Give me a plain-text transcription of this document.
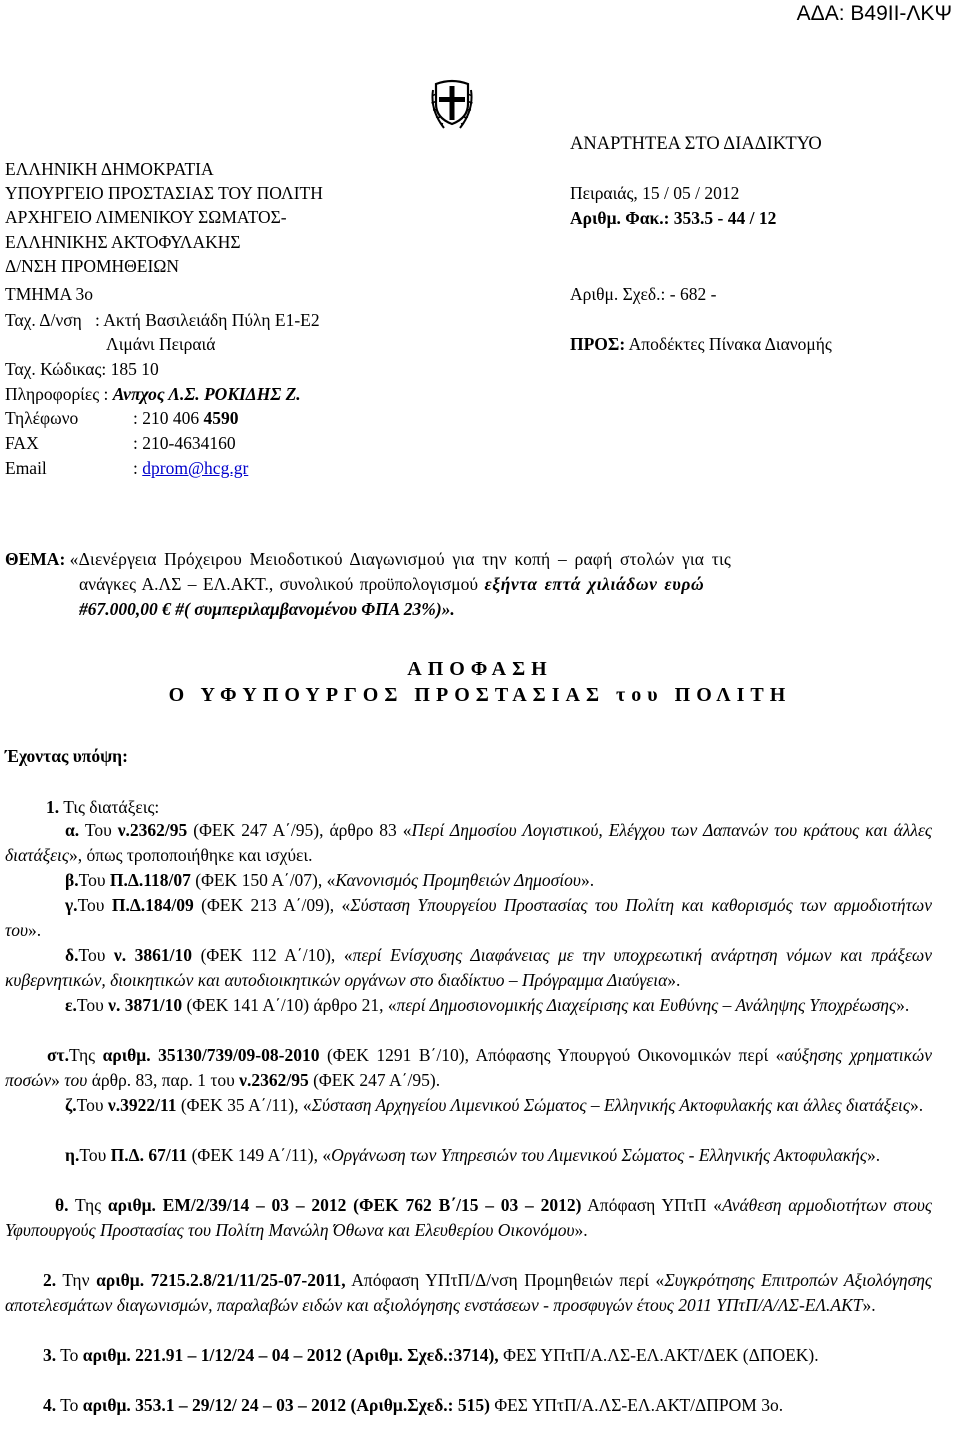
ΑΔΑ: Β49ΙΙ-ΛΚΨ
ΕΛΛΗΝΙΚΗ ΔΗΜΟΚΡΑΤΙΑ
ΥΠΟΥΡΓΕΙΟ ΠΡΟΣΤΑΣΙΑΣ ΤΟΥ ΠΟΛΙΤΗ
ΑΡΧΗΓΕΙΟ ΛΙΜΕΝΙΚΟΥ ΣΩΜΑΤΟΣ-
ΕΛΛΗΝΙΚΗΣ ΑΚΤΟΦΥΛΑΚΗΣ
Δ/ΝΣΗ ΠΡΟΜΗΘΕΙΩΝ
ΤΜΗΜΑ 3ο
Ταχ. Δ/νση : Ακτή Βασιλειάδη Πύλη Ε1-Ε2
Λιμάνι Πειραιά
Ταχ. Κώδικας: 185 10
Πληροφορίες : Ανπχος Λ.Σ. ΡΟΚΙΔΗΣ Ζ.
Τηλέφωνο	: 210 406 4590
FAX	: 210-4634160
Email	: dprom@hcg.gr
ΑΝΑΡΤΗΤΕΑ ΣΤΟ ΔΙΑΔΙΚΤΥΟ
Πειραιάς, 15 / 05 / 2012
Αριθμ. Φακ.: 353.5 - 44 / 12
Αριθμ. Σχεδ.: - 682 -
ΠΡΟΣ: Αποδέκτες Πίνακα Διανομής
ΘΕΜΑ: «Διενέργεια Πρόχειρου Μειοδοτικού Διαγωνισμού για την κοπή – ραφή στολών για τις
ανάγκες Α.ΛΣ – ΕΛ.ΑΚΤ., συνολικού προϋπολογισμού εξήντα επτά χιλιάδων ευρώ
#67.000,00 € #( συμπεριλαμβανομένου ΦΠΑ 23%)».
ΑΠΟΦΑΣΗ
Ο ΥΦΥΠΟΥΡΓΟΣ ΠΡΟΣΤΑΣΙΑΣ του ΠΟΛΙΤΗ
Έχοντας υπόψη:
1. Τις διατάξεις:
α. Του ν.2362/95 (ΦΕΚ 247 Α΄/95), άρθρο 83 «Περί Δημοσίου Λογιστικού, Ελέγχου των Δαπανών του κράτους και άλλες διατάξεις», όπως τροποποιήθηκε και ισχύει.
β.Του Π.Δ.118/07 (ΦΕΚ 150 Α΄/07), «Κανονισμός Προμηθειών Δημοσίου».
γ.Του Π.Δ.184/09 (ΦΕΚ 213 Α΄/09), «Σύσταση Υπουργείου Προστασίας του Πολίτη και καθορισμός των αρμοδιοτήτων του».
δ.Του ν. 3861/10 (ΦΕΚ 112 Α΄/10), «περί Ενίσχυσης Διαφάνειας με την υποχρεωτική ανάρτηση νόμων και πράξεων κυβερνητικών, διοικητικών και αυτοδιοικητικών οργάνων στο διαδίκτυο – Πρόγραμμα Διαύγεια».
ε.Του ν. 3871/10 (ΦΕΚ 141 Α΄/10) άρθρο 21, «περί Δημοσιονομικής Διαχείρισης και Ευθύνης – Ανάληψης Υποχρέωσης».
στ.Της αριθμ. 35130/739/09-08-2010 (ΦΕΚ 1291 Β΄/10), Απόφασης Υπουργού Οικονομικών περί «αύξησης χρηματικών ποσών» του άρθρ. 83, παρ. 1 του ν.2362/95 (ΦΕΚ 247 Α΄/95).
ζ.Του ν.3922/11 (ΦΕΚ 35 Α΄/11), «Σύσταση Αρχηγείου Λιμενικού Σώματος – Ελληνικής Ακτοφυλακής και άλλες διατάξεις».
η.Του Π.Δ. 67/11 (ΦΕΚ 149 Α΄/11), «Οργάνωση των Υπηρεσιών του Λιμενικού Σώματος - Ελληνικής Ακτοφυλακής».
θ. Της αριθμ. ΕΜ/2/39/14 – 03 – 2012 (ΦΕΚ 762 Β΄/15 – 03 – 2012) Απόφαση ΥΠτΠ «Ανάθεση αρμοδιοτήτων στους Υφυπουργούς Προστασίας του Πολίτη Μανώλη Όθωνα και Ελευθερίου Οικονόμου».
2. Την αριθμ. 7215.2.8/21/11/25-07-2011, Απόφαση ΥΠτΠ/Δ/νση Προμηθειών περί «Συγκρότησης Επιτροπών Αξιολόγησης αποτελεσμάτων διαγωνισμών, παραλαβών ειδών και αξιολόγησης ενστάσεων - προσφυγών έτους 2011 ΥΠτΠ/Α/ΛΣ-ΕΛ.ΑΚΤ».
3. Το αριθμ. 221.91 – 1/12/24 – 04 – 2012 (Αριθμ. Σχεδ.:3714), ΦΕΣ ΥΠτΠ/Α.ΛΣ-ΕΛ.ΑΚΤ/ΔΕΚ (ΔΠΟΕΚ).
4. Το αριθμ. 353.1 – 29/12/ 24 – 03 – 2012 (Αριθμ.Σχεδ.: 515) ΦΕΣ ΥΠτΠ/Α.ΛΣ-ΕΛ.ΑΚΤ/ΔΠΡΟΜ 3ο.
